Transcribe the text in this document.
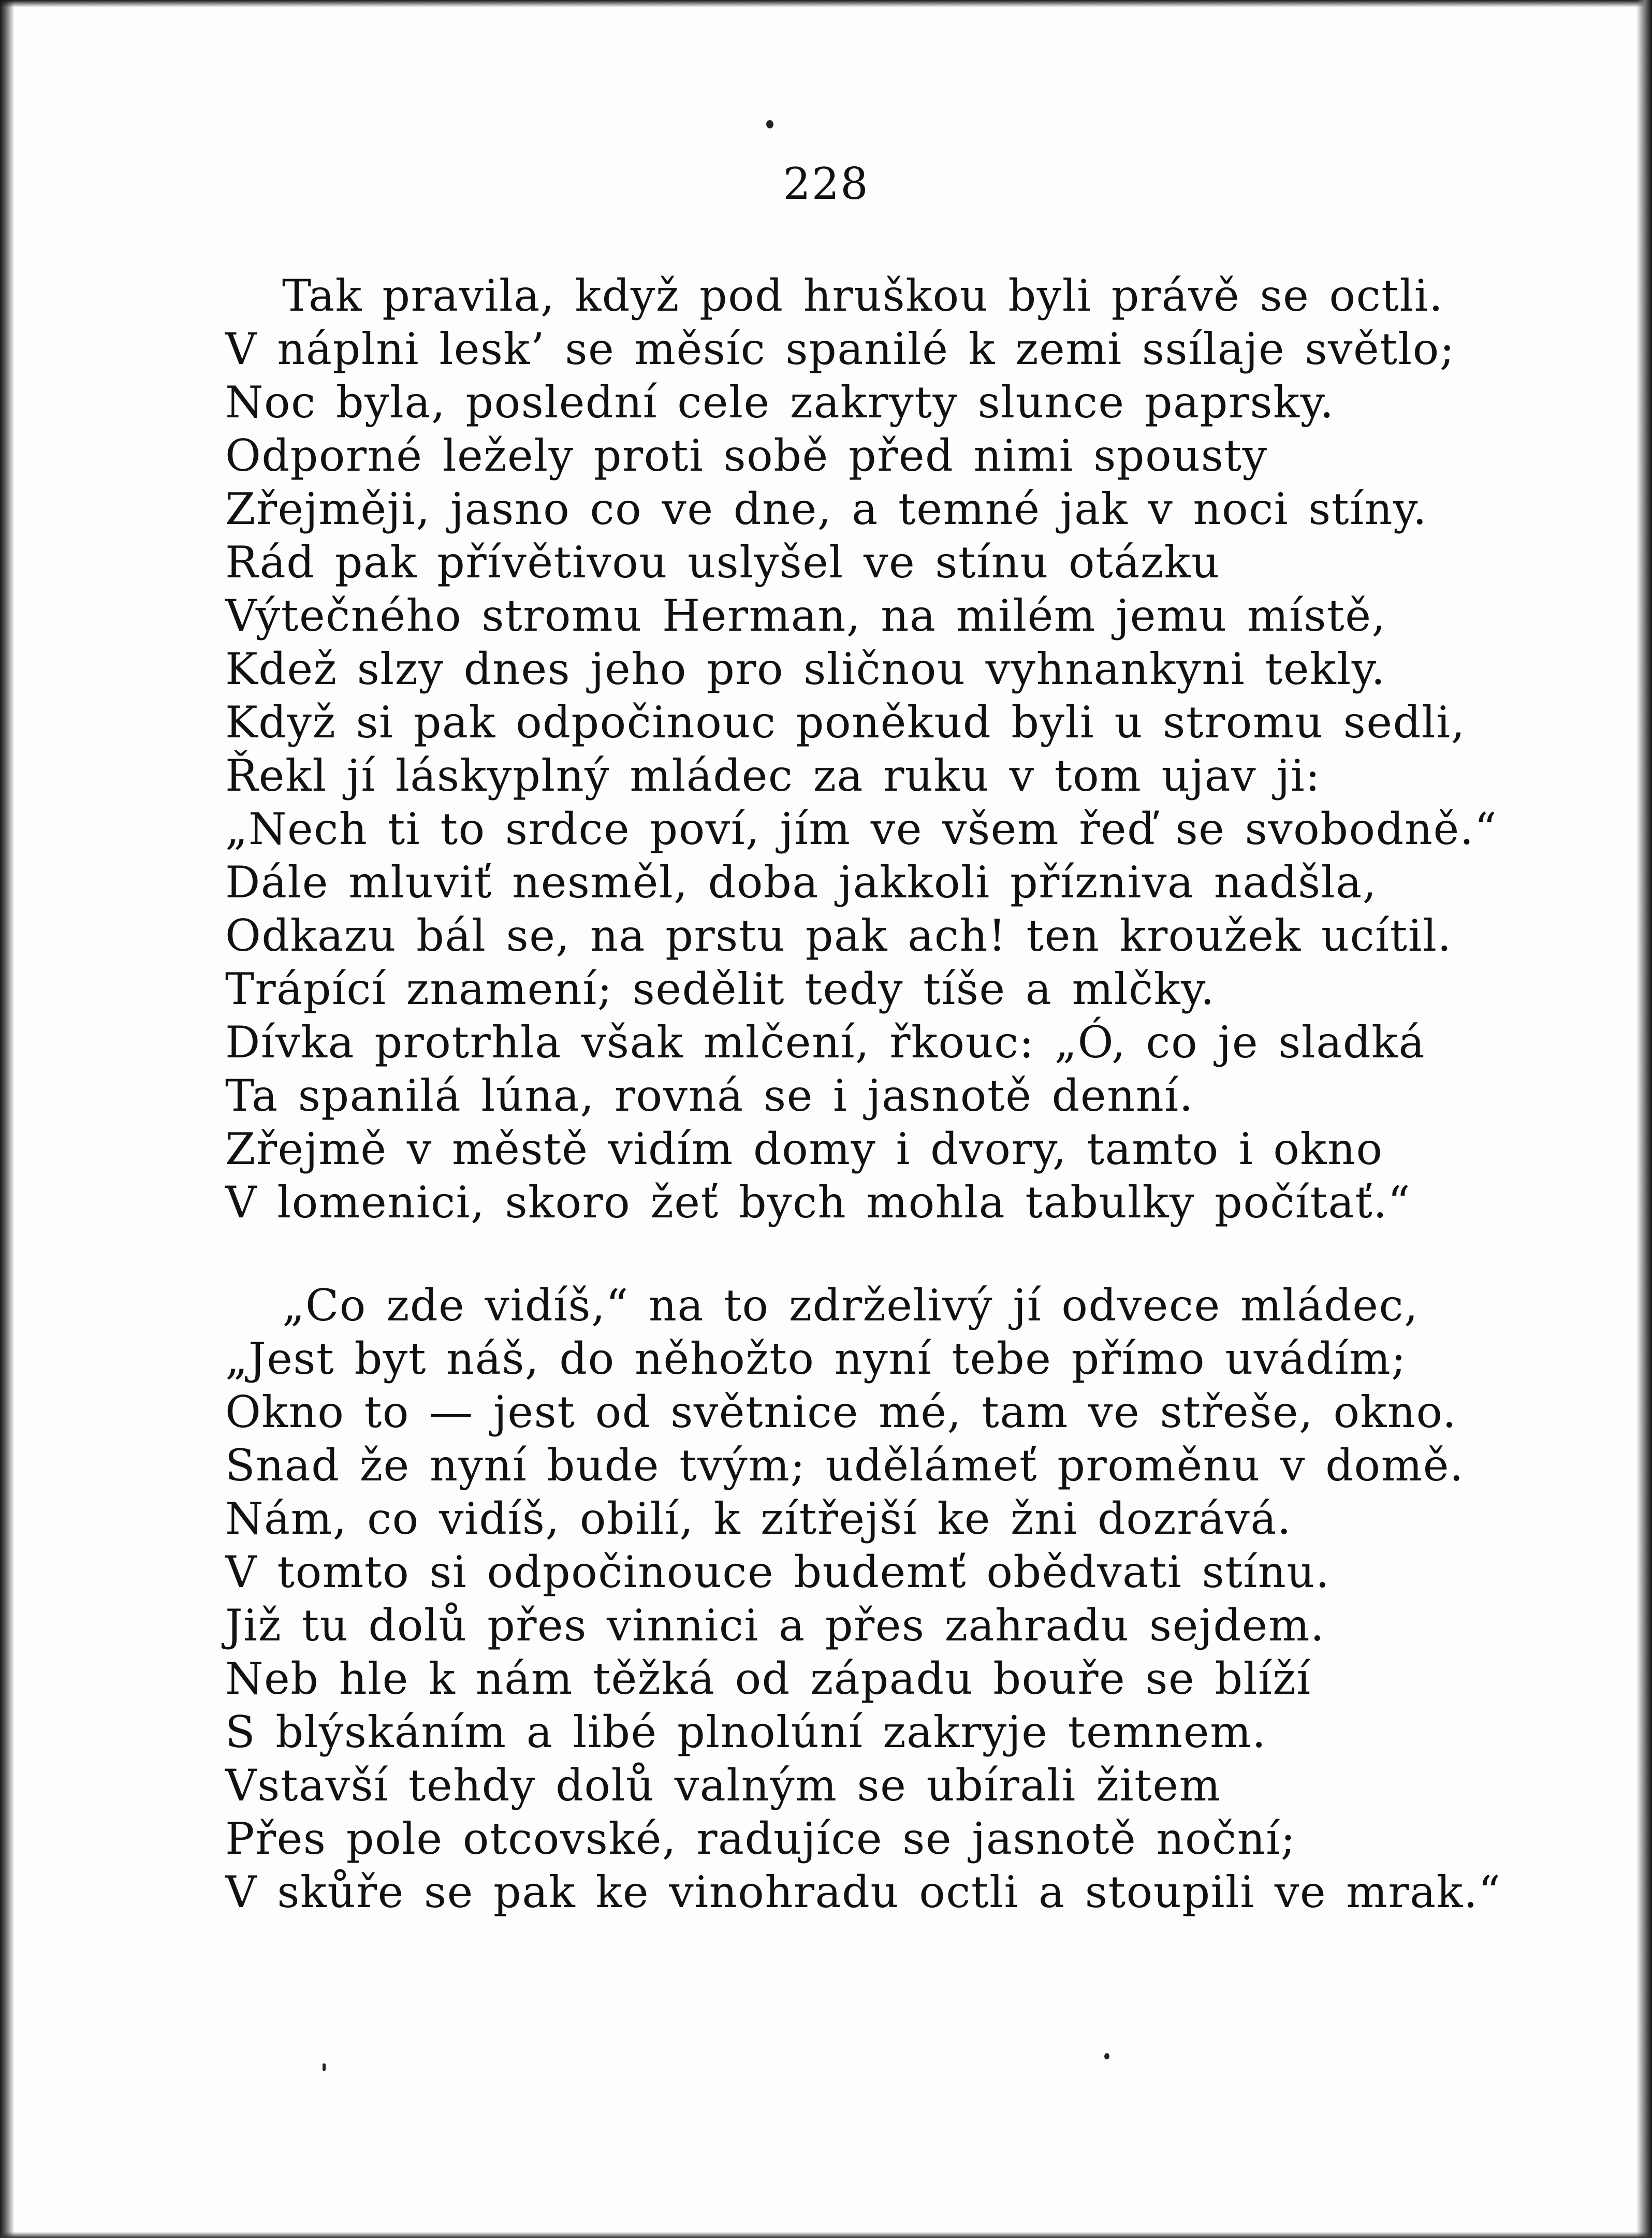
228
Tak pravila, když pod hruškou byli právě se octli.
V náplni lesk’ se měsíc spanilé k zemi ssílaje světlo;
Noc byla, poslední cele zakryty slunce paprsky.
Odporné ležely proti sobě před nimi spousty
Zřejměji, jasno co ve dne, a temné jak v noci stíny.
Rád pak přívětivou uslyšel ve stínu otázku
Výtečného stromu Herman, na milém jemu místě,
Kdež slzy dnes jeho pro sličnou vyhnankyni tekly.
Když si pak odpočinouc poněkud byli u stromu sedli,
Řekl jí láskyplný mládec za ruku v tom ujav ji:
„Nech ti to srdce poví, jím ve všem řeď se svobodně.“
Dále mluviť nesměl, doba jakkoli přízniva nadšla,
Odkazu bál se, na prstu pak ach! ten kroužek ucítil.
Trápící znamení; sedělit tedy tíše a mlčky.
Dívka protrhla však mlčení, řkouc: „Ó, co je sladká
Ta spanilá lúna, rovná se i jasnotě denní.
Zřejmě v městě vidím domy i dvory, tamto i okno
V lomenici, skoro žeť bych mohla tabulky počítať.“
„Co zde vidíš,“ na to zdrželivý jí odvece mládec,
„Jest byt náš, do něhožto nyní tebe přímo uvádím;
Okno to — jest od světnice mé, tam ve střeše, okno.
Snad že nyní bude tvým; udělámeť proměnu v domě.
Nám, co vidíš, obilí, k zítřejší ke žni dozrává.
V tomto si odpočinouce budemť obědvati stínu.
Již tu dolů přes vinnici a přes zahradu sejdem.
Neb hle k nám těžká od západu bouře se blíží
S blýskáním a libé plnolúní zakryje temnem.
Vstavší tehdy dolů valným se ubírali žitem
Přes pole otcovské, radujíce se jasnotě noční;
V skůře se pak ke vinohradu octli a stoupili ve mrak.“
